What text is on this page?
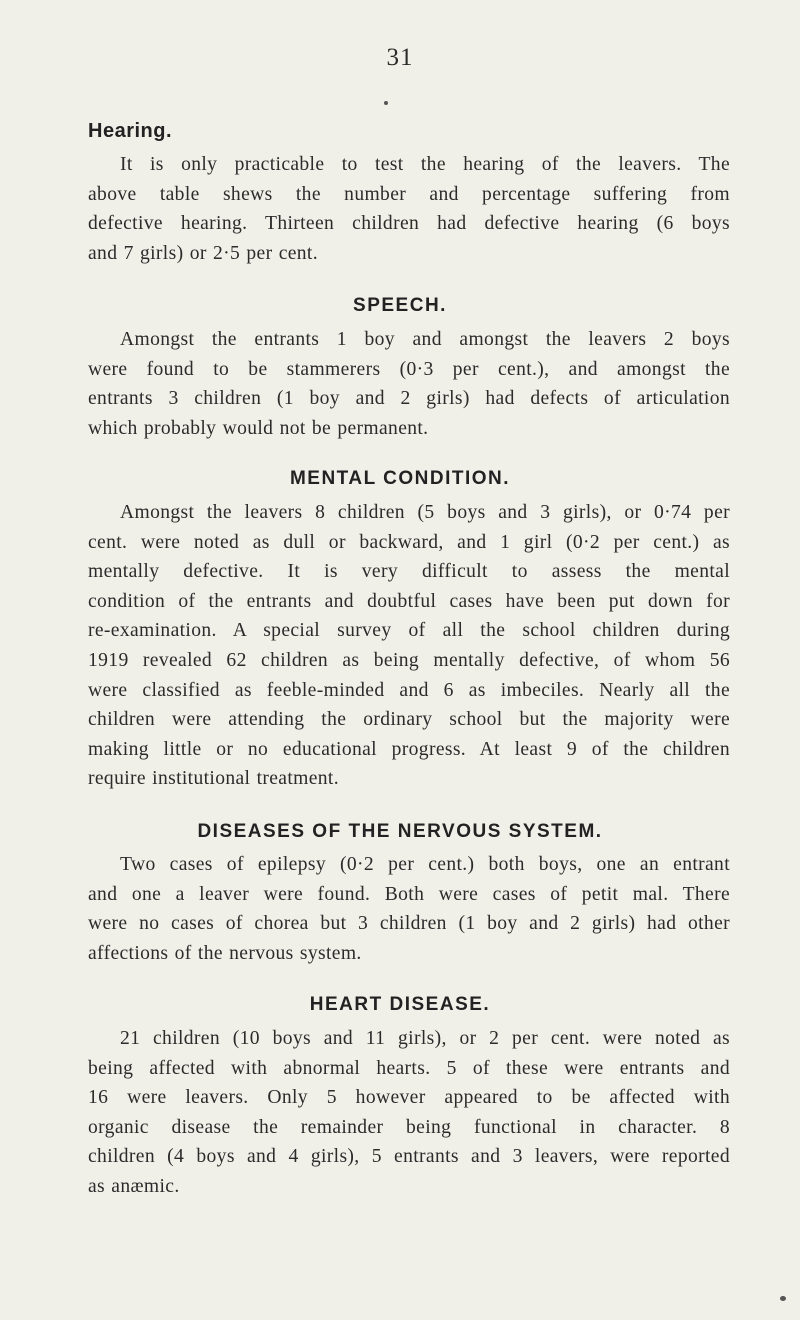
31
Hearing.
It is only practicable to test the hearing of the leavers. The
above table shews the number and percentage suffering from
defective hearing. Thirteen children had defective hearing (6 boys
and 7 girls) or 2·5 per cent.
SPEECH.
Amongst the entrants 1 boy and amongst the leavers 2 boys
were found to be stammerers (0·3 per cent.), and amongst the
entrants 3 children (1 boy and 2 girls) had defects of articulation
which probably would not be permanent.
MENTAL CONDITION.
Amongst the leavers 8 children (5 boys and 3 girls), or 0·74 per
cent. were noted as dull or backward, and 1 girl (0·2 per cent.) as
mentally defective. It is very difficult to assess the mental
condition of the entrants and doubtful cases have been put down for
re-examination. A special survey of all the school children during
1919 revealed 62 children as being mentally defective, of whom 56
were classified as feeble-minded and 6 as imbeciles. Nearly all the
children were attending the ordinary school but the majority were
making little or no educational progress. At least 9 of the children
require institutional treatment.
DISEASES OF THE NERVOUS SYSTEM.
Two cases of epilepsy (0·2 per cent.) both boys, one an entrant
and one a leaver were found. Both were cases of petit mal. There
were no cases of chorea but 3 children (1 boy and 2 girls) had other
affections of the nervous system.
HEART DISEASE.
21 children (10 boys and 11 girls), or 2 per cent. were noted as
being affected with abnormal hearts. 5 of these were entrants and
16 were leavers. Only 5 however appeared to be affected with
organic disease the remainder being functional in character. 8
children (4 boys and 4 girls), 5 entrants and 3 leavers, were reported
as anæmic.
